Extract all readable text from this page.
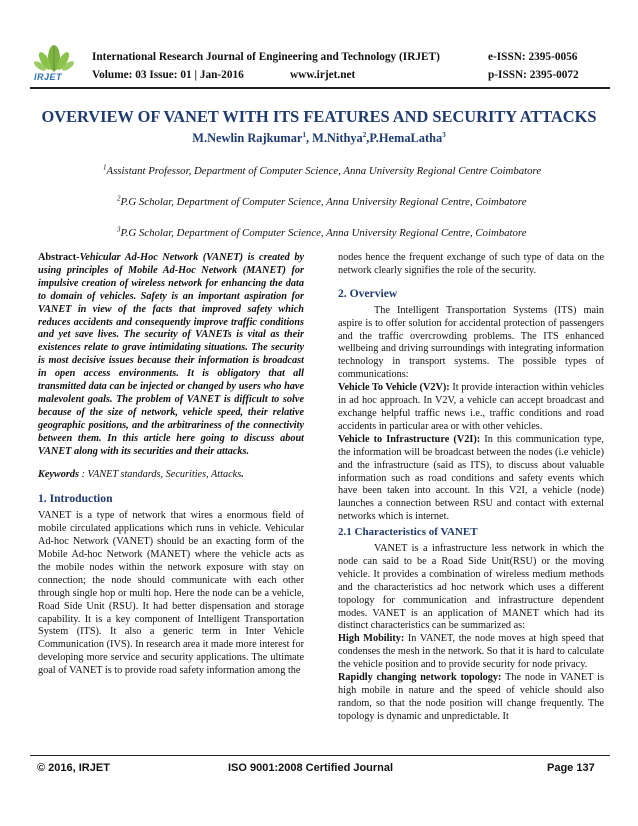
IRJET
International Research Journal of Engineering and Technology (IRJET)	e-ISSN: 2395-0056
Volume: 03 Issue: 01 | Jan-2016	www.irjet.net	p-ISSN: 2395-0072
OVERVIEW OF VANET WITH ITS FEATURES AND SECURITY ATTACKS
M.Newlin Rajkumar$^1$, M.Nithya$^2$,P.HemaLatha$^3$
$^1$Assistant Professor, Department of Computer Science, Anna University Regional Centre Coimbatore
$^2$P.G Scholar, Department of Computer Science, Anna University Regional Centre, Coimbatore
$^3$P.G Scholar, Department of Computer Science, Anna University Regional Centre, Coimbatore

Abstract-Vehicular Ad-Hoc Network (VANET) is created by using principles of Mobile Ad-Hoc Network (MANET) for impulsive creation of wireless network for enhancing the data to domain of vehicles. Safety is an important aspiration for VANET in view of the facts that improved safety which reduces accidents and consequently improve traffic conditions and yet save lives. The security of VANETs is vital as their existences relate to grave intimidating situations. The security is most decisive issues because their information is broadcast in open access environments. It is obligatory that all transmitted data can be injected or changed by users who have malevolent goals. The problem of VANET is difficult to solve because of the size of network, vehicle speed, their relative geographic positions, and the arbitrariness of the connectivity between them. In this article here going to discuss about VANET along with its securities and their attacks.

Keywords : VANET standards, Securities, Attacks.

1. Introduction

VANET is a type of network that wires a enormous field of mobile circulated applications which runs in vehicle. Vehicular Ad-hoc Network (VANET) should be an exacting form of the Mobile Ad-hoc Network (MANET) where the vehicle acts as the mobile nodes within the network exposure with stay on connection; the node should communicate with each other through single hop or multi hop. Here the node can be a vehicle, Road Side Unit (RSU). It had better dispensation and storage capability. It is a key component of Intelligent Transportation System (ITS). It also a generic term in Inter Vehicle Communication (IVS). In research area it made more interest for developing more service and security applications. The ultimate goal of VANET is to provide road safety information among the

nodes hence the frequent exchange of such type of data on the network clearly signifies the role of the security.

2. Overview

The Intelligent Transportation Systems (ITS) main aspire is to offer solution for accidental protection of passengers and the traffic overcrowding problems. The ITS enhanced wellbeing and driving surroundings with integrating information technology in transport systems. The possible types of communications:

Vehicle To Vehicle (V2V): It provide interaction within vehicles in ad hoc approach. In V2V, a vehicle can accept broadcast and exchange helpful traffic news i.e., traffic conditions and road accidents in particular area or with other vehicles.

Vehicle to Infrastructure (V2I): In this communication type, the information will be broadcast between the nodes (i.e vehicle) and the infrastructure (said as ITS), to discuss about valuable information such as road conditions and safety events which have been taken into account. In this V2I, a vehicle (node) launches a connection between RSU and contact with external networks which is internet.

2.1 Characteristics of VANET

VANET is a infrastructure less network in which the node can said to be a Road Side Unit(RSU) or the moving vehicle. It provides a combination of wireless medium methods and the characteristics ad hoc network which uses a different topology for communication and infrastructure dependent modes. VANET is an application of MANET which had its distinct characteristics can be summarized as:

High Mobility: In VANET, the node moves at high speed that condenses the mesh in the network. So that it is hard to calculate the vehicle position and to provide security for node privacy.

Rapidly changing network topology: The node in VANET is high mobile in nature and the speed of vehicle should also random, so that the node position will change frequently. The topology is dynamic and unpredictable. It

© 2016, IRJET	ISO 9001:2008 Certified Journal	Page 137
